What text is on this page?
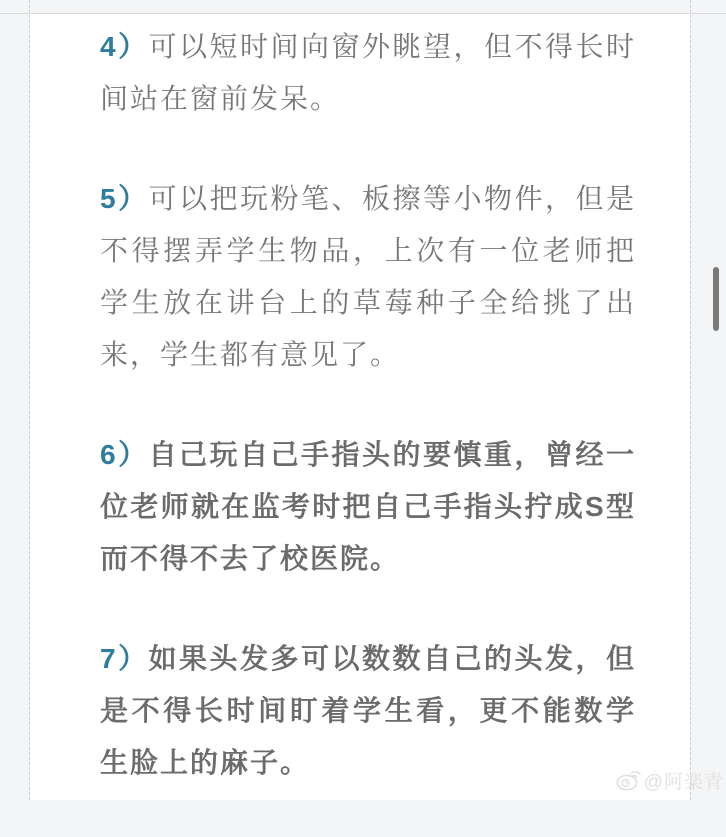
4）可以短时间向窗外眺望，但不得长时间站在窗前发呆。

5）可以把玩粉笔、板擦等小物件，但是不得摆弄学生物品，上次有一位老师把学生放在讲台上的草莓种子全给挑了出来，学生都有意见了。

6）自己玩自己手指头的要慎重，曾经一位老师就在监考时把自己手指头拧成S型而不得不去了校医院。

7）如果头发多可以数数自己的头发，但是不得长时间盯着学生看，更不能数学生脸上的麻子。

@阿楽青
